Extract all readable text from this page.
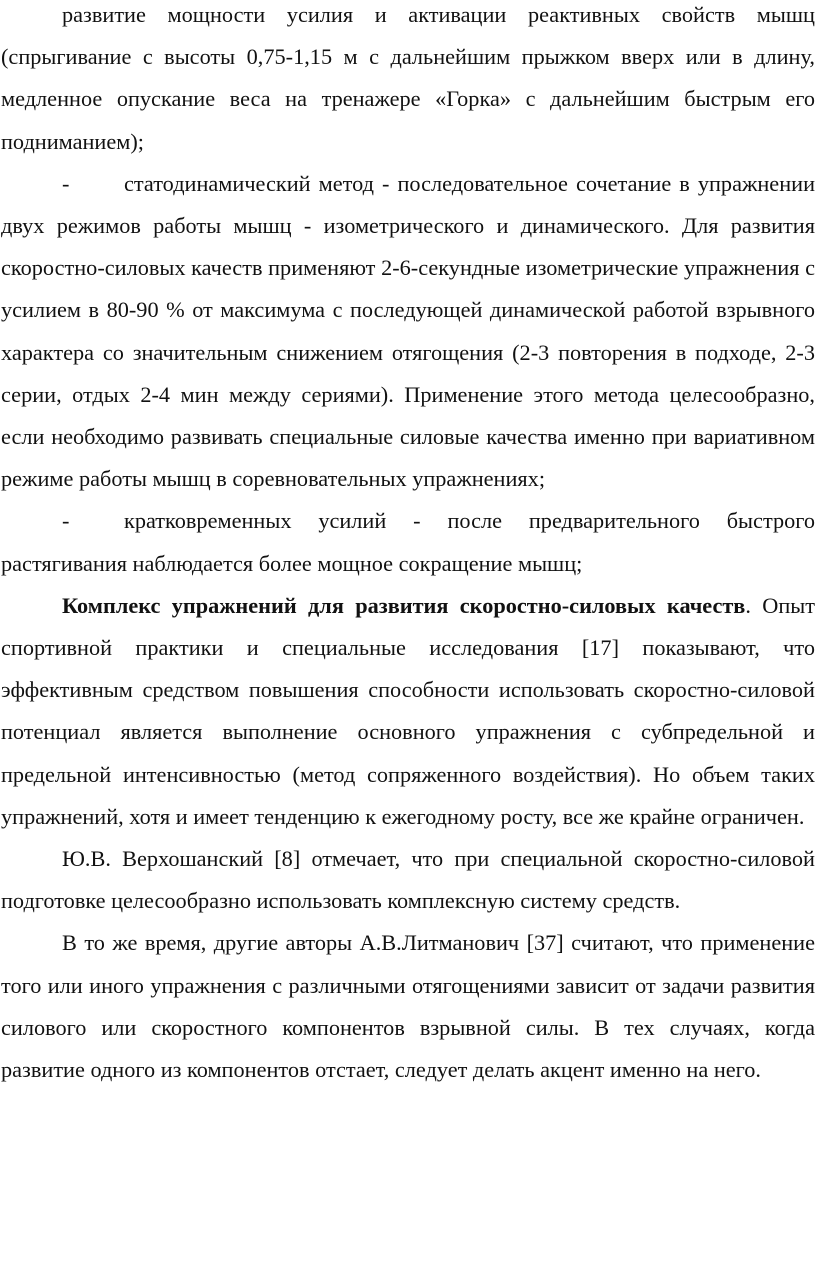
развитие мощности усилия и активации реактивных свойств мышц (спрыгивание с высоты 0,75-1,15 м с дальнейшим прыжком вверх или в длину, медленное опускание веса на тренажере «Горка» с дальнейшим быстрым его подниманием);

- статодинамический метод - последовательное сочетание в упражнении двух режимов работы мышц - изометрического и динамического. Для развития скоростно-силовых качеств применяют 2-6-секундные изометрические упражнения с усилием в 80-90 % от максимума с последующей динамической работой взрывного характера со значительным снижением отягощения (2-3 повторения в подходе, 2-3 серии, отдых 2-4 мин между сериями). Применение этого метода целесообразно, если необходимо развивать специальные силовые качества именно при вариативном режиме работы мышц в соревновательных упражнениях;

- кратковременных усилий - после предварительного быстрого растягивания наблюдается более мощное сокращение мышц;

Комплекс упражнений для развития скоростно-силовых качеств. Опыт спортивной практики и специальные исследования [17] показывают, что эффективным средством повышения способности использовать скоростно-силовой потенциал является выполнение основного упражнения с субпредельной и предельной интенсивностью (метод сопряженного воздействия). Но объем таких упражнений, хотя и имеет тенденцию к ежегодному росту, все же крайне ограничен.

Ю.В. Верхошанский [8] отмечает, что при специальной скоростно-силовой подготовке целесообразно использовать комплексную систему средств.

В то же время, другие авторы А.В.Литманович [37] считают, что применение того или иного упражнения с различными отягощениями зависит от задачи развития силового или скоростного компонентов взрывной силы. В тех случаях, когда развитие одного из компонентов отстает, следует делать акцент именно на него.
